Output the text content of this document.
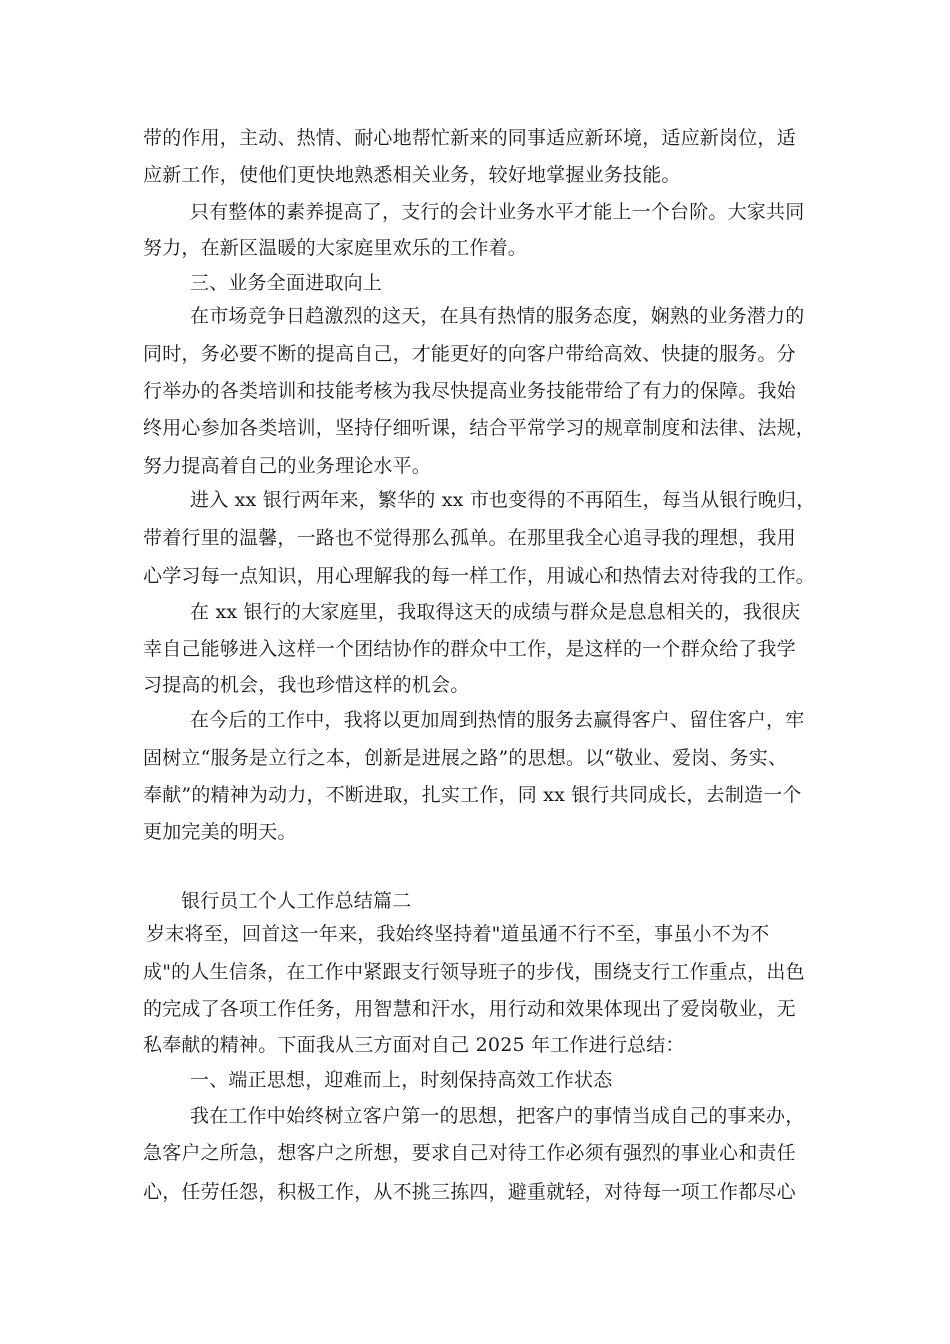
带的作用，主动、热情、耐心地帮忙新来的同事适应新环境，适应新岗位，适
应新工作，使他们更快地熟悉相关业务，较好地掌握业务技能。
只有整体的素养提高了，支行的会计业务水平才能上一个台阶。大家共同
努力，在新区温暖的大家庭里欢乐的工作着。
三、业务全面进取向上
在市场竞争日趋激烈的这天，在具有热情的服务态度，娴熟的业务潜力的
同时，务必要不断的提高自己，才能更好的向客户带给高效、快捷的服务。分
行举办的各类培训和技能考核为我尽快提高业务技能带给了有力的保障。我始
终用心参加各类培训，坚持仔细听课，结合平常学习的规章制度和法律、法规，
努力提高着自己的业务理论水平。
进入 xx 银行两年来，繁华的 xx 市也变得的不再陌生，每当从银行晚归，
带着行里的温馨，一路也不觉得那么孤单。在那里我全心追寻我的理想，我用
心学习每一点知识，用心理解我的每一样工作，用诚心和热情去对待我的工作。
在 xx 银行的大家庭里，我取得这天的成绩与群众是息息相关的，我很庆
幸自己能够进入这样一个团结协作的群众中工作，是这样的一个群众给了我学
习提高的机会，我也珍惜这样的机会。
在今后的工作中，我将以更加周到热情的服务去赢得客户、留住客户，牢
固树立“服务是立行之本，创新是进展之路”的思想。以“敬业、爱岗、务实、
奉献”的精神为动力，不断进取，扎实工作，同 xx 银行共同成长，去制造一个
更加完美的明天。
银行员工个人工作总结篇二
岁末将至，回首这一年来，我始终坚持着"道虽通不行不至，事虽小不为不
成"的人生信条，在工作中紧跟支行领导班子的步伐，围绕支行工作重点，出色
的完成了各项工作任务，用智慧和汗水，用行动和效果体现出了爱岗敬业，无
私奉献的精神。下面我从三方面对自己 2025 年工作进行总结：
一、端正思想，迎难而上，时刻保持高效工作状态
我在工作中始终树立客户第一的思想，把客户的事情当成自己的事来办，
急客户之所急，想客户之所想，要求自己对待工作必须有强烈的事业心和责任
心，任劳任怨，积极工作，从不挑三拣四，避重就轻，对待每一项工作都尽心
